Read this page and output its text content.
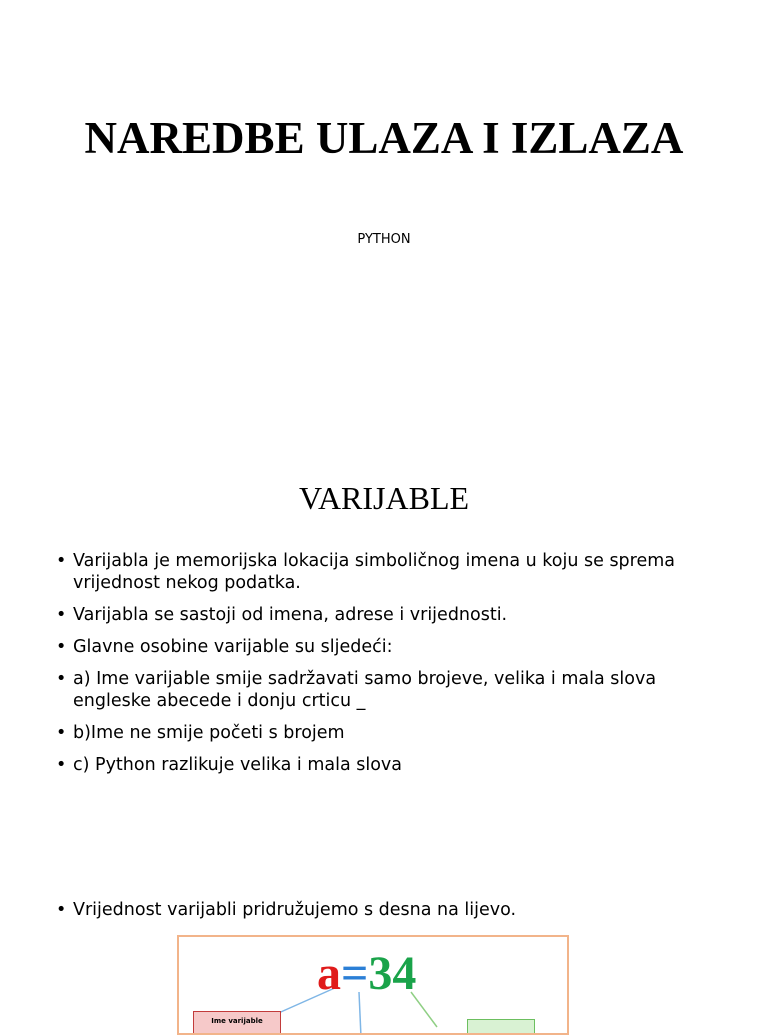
NAREDBE ULAZA I IZLAZA
PYTHON
VARIJABLE
• Varijabla je memorijska lokacija simboličnog imena u koju se sprema vrijednost nekog podatka.
• Varijabla se sastoji od imena, adrese i vrijednosti.
• Glavne osobine varijable su sljedeći:
• a) Ime varijable smije sadržavati samo brojeve, velika i mala slova engleske abecede i donju crticu _
• b)Ime ne smije početi s brojem
• c) Python razlikuje velika i mala slova
• Vrijednost varijabli pridružujemo s desna na lijevo.
a=34
Ime varijable
